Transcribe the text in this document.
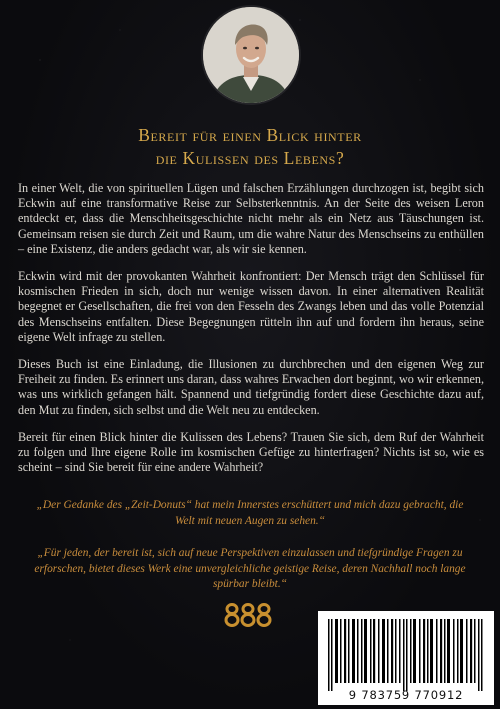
Bereit für einen Blick hinter
die Kulissen des Lebens?

In einer Welt, die von spirituellen Lügen und falschen Erzählungen durchzogen ist, begibt sich Eckwin auf eine transformative Reise zur Selbsterkenntnis. An der Seite des weisen Leron entdeckt er, dass die Menschheitsgeschichte nicht mehr als ein Netz aus Täuschungen ist. Gemeinsam reisen sie durch Zeit und Raum, um die wahre Natur des Menschseins zu enthüllen – eine Existenz, die anders gedacht war, als wir sie kennen.

Eckwin wird mit der provokanten Wahrheit konfrontiert: Der Mensch trägt den Schlüssel für kosmischen Frieden in sich, doch nur wenige wissen davon. In einer alternativen Realität begegnet er Gesellschaften, die frei von den Fesseln des Zwangs leben und das volle Potenzial des Menschseins entfalten. Diese Begegnungen rütteln ihn auf und fordern ihn heraus, seine eigene Welt infrage zu stellen.

Dieses Buch ist eine Einladung, die Illusionen zu durchbrechen und den eigenen Weg zur Freiheit zu finden. Es erinnert uns daran, dass wahres Erwachen dort beginnt, wo wir erkennen, was uns wirklich gefangen hält. Spannend und tiefgründig fordert diese Geschichte dazu auf, den Mut zu finden, sich selbst und die Welt neu zu entdecken.

Bereit für einen Blick hinter die Kulissen des Lebens? Trauen Sie sich, dem Ruf der Wahrheit zu folgen und Ihre eigene Rolle im kosmischen Gefüge zu hinterfragen? Nichts ist so, wie es scheint – sind Sie bereit für eine andere Wahrheit?

„Der Gedanke des „Zeit-Donuts“ hat mein Innerstes erschüttert und mich dazu gebracht, die Welt mit neuen Augen zu sehen.“
„Für jeden, der bereit ist, sich auf neue Perspektiven einzulassen und tiefgründige Fragen zu erforschen, bietet dieses Werk eine unvergleichliche geistige Reise, deren Nachhall noch lange spürbar bleibt.“
9 783759 770912
